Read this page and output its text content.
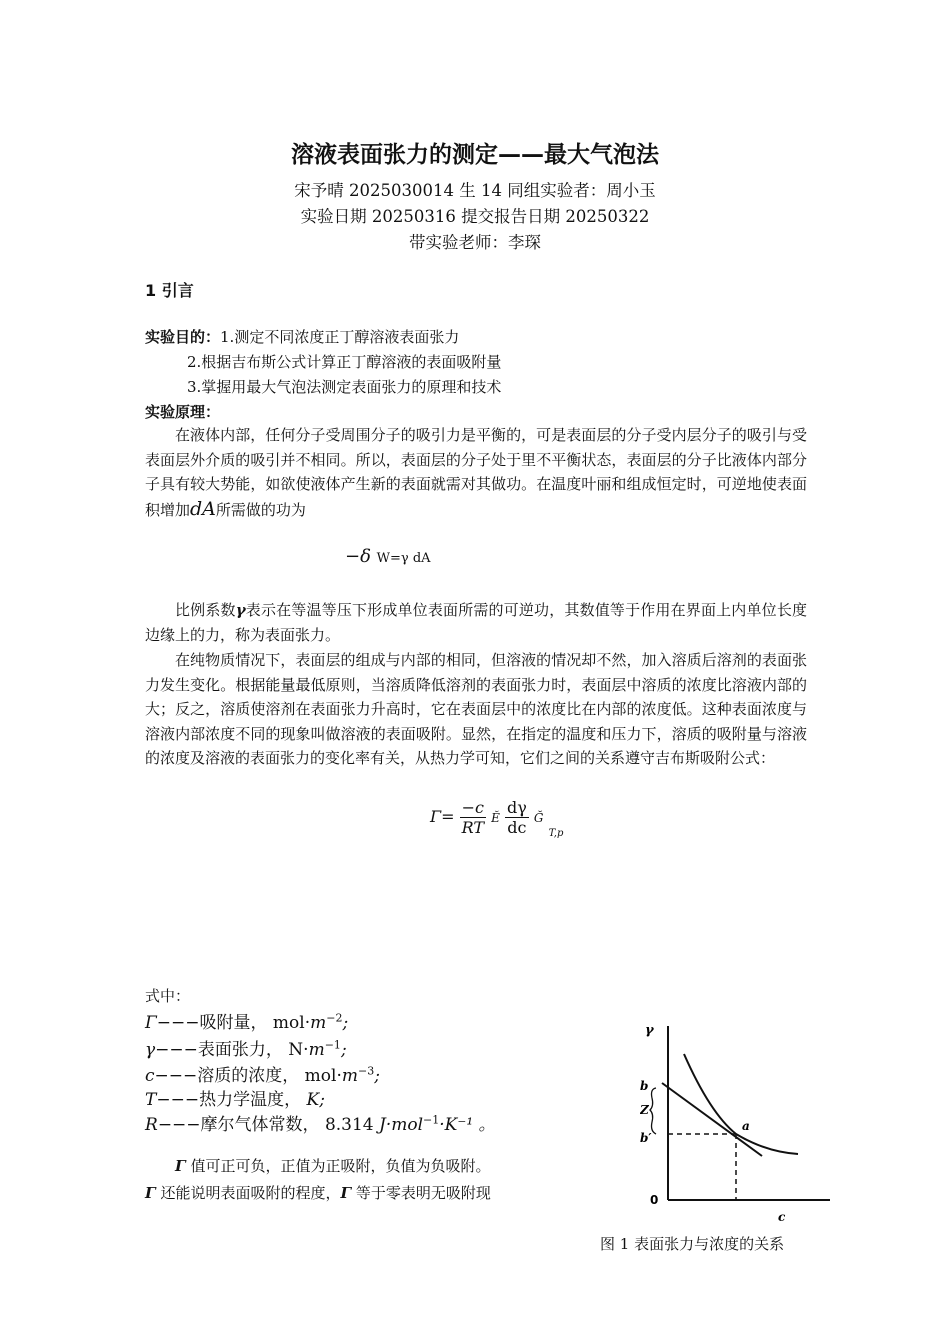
溶液表面张力的测定——最大气泡法
宋予晴 2025030014 生 14 同组实验者：周小玉
实验日期 20250316 提交报告日期 20250322
带实验老师：李琛
1 引言
实验目的：1.测定不同浓度正丁醇溶液表面张力
2.根据吉布斯公式计算正丁醇溶液的表面吸附量
3.掌握用最大气泡法测定表面张力的原理和技术
实验原理：

在液体内部，任何分子受周围分子的吸引力是平衡的，可是表面层的分子受内层分子的吸引与受表面层外介质的吸引并不相同。所以，表面层的分子处于里不平衡状态，表面层的分子比液体内部分子具有较大势能，如欲使液体产生新的表面就需对其做功。在温度叶丽和组成恒定时，可逆地使表面积增加dA所需做的功为

−δ W=γ dA

比例系数γ表示在等温等压下形成单位表面所需的可逆功，其数值等于作用在界面上内单位长度边缘上的力，称为表面张力。

在纯物质情况下，表面层的组成与内部的相同，但溶液的情况却不然，加入溶质后溶剂的表面张力发生变化。根据能量最低原则，当溶质降低溶剂的表面张力时，表面层中溶质的浓度比溶液内部的大；反之，溶质使溶剂在表面张力升高时，它在表面层中的浓度比在内部的浓度低。这种表面浓度与溶液内部浓度不同的现象叫做溶液的表面吸附。显然，在指定的温度和压力下，溶质的吸附量与溶液的浓度及溶液的表面张力的变化率有关，从热力学可知，它们之间的关系遵守吉布斯吸附公式：

$\Gamma= \frac{-c}{RT}$ Ĕ $\frac{d\gamma}{dc}$ Ğ $_{T,p}$
式中：
Γ−−−吸附量， $mol\cdot m^{-2}$;
γ−−−表面张力， $N\cdot m^{-1}$;
c−−−溶质的浓度， $mol\cdot m^{-3}$;
T−−−热力学温度， K;
R−−−摩尔气体常数， 8.314 J·mol$^{-1}$·K⁻¹ 。
Γ 值可正可负，正值为正吸附，负值为负吸附。
Γ 还能说明表面吸附的程度，Γ 等于零表明无吸附现
γ
c
0
b
Z
b′
a
图 1 表面张力与浓度的关系
